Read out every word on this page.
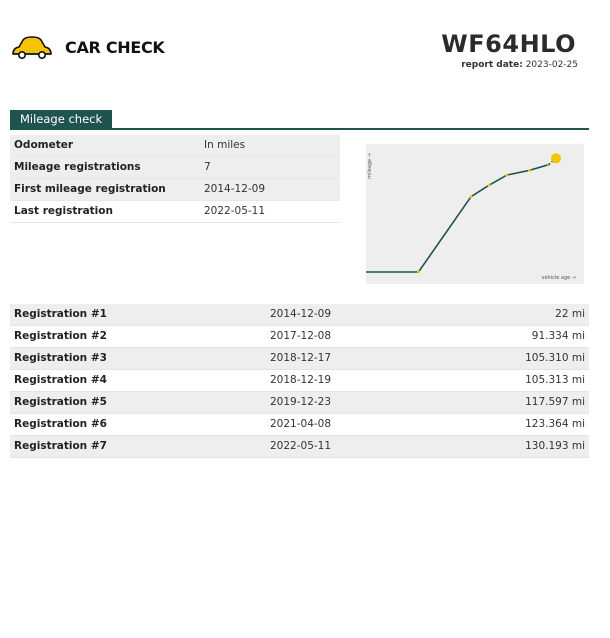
CAR CHECK	WF64HLO
report date: 2023-02-25
Mileage check
Odometer	In miles
Mileage registrations	7
First mileage registration	2014-12-09
Last registration	2022-05-11
mileage →
vehicle age →
Registration #1	2014-12-09	22 mi
Registration #2	2017-12-08	91.334 mi
Registration #3	2018-12-17	105.310 mi
Registration #4	2018-12-19	105.313 mi
Registration #5	2019-12-23	117.597 mi
Registration #6	2021-04-08	123.364 mi
Registration #7	2022-05-11	130.193 mi
